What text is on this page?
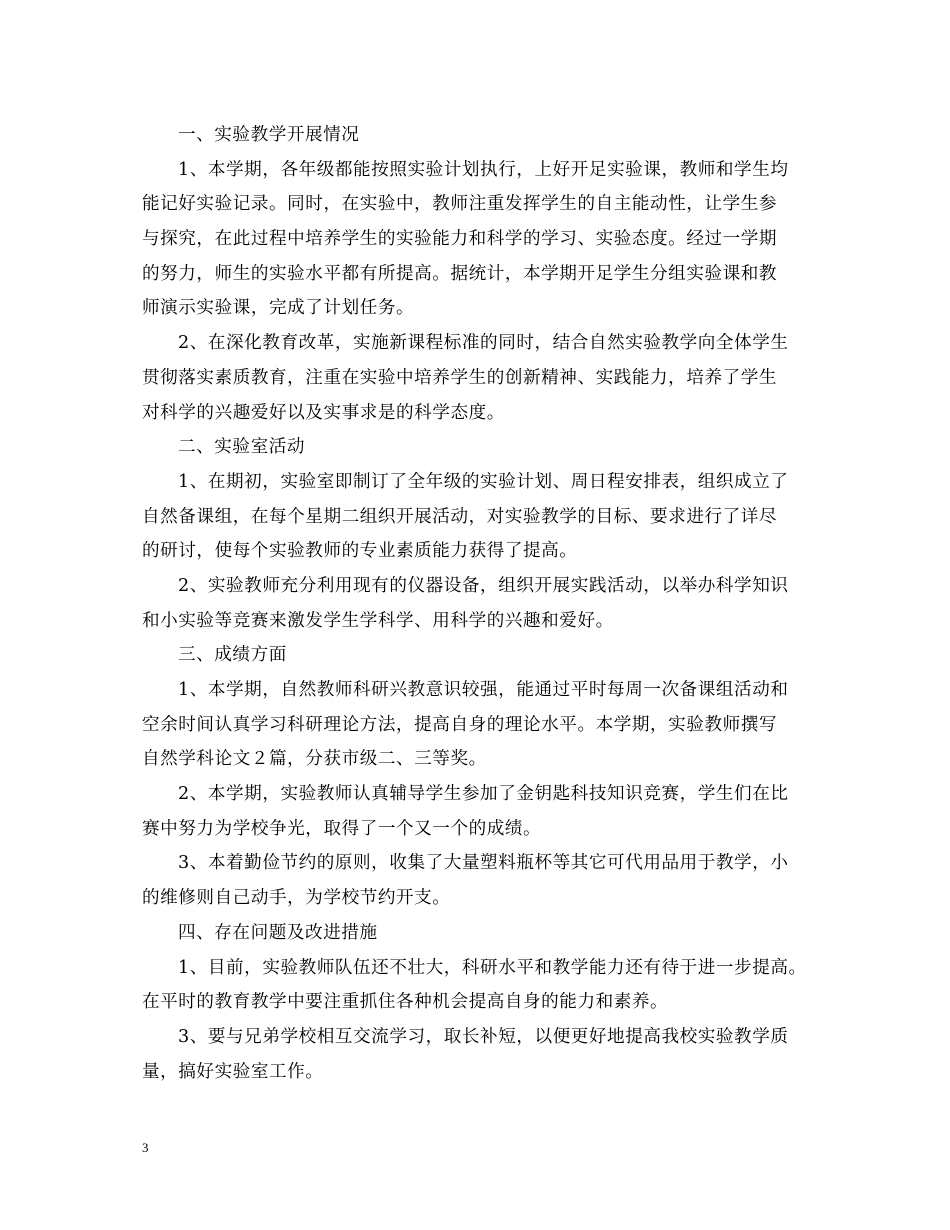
一、实验教学开展情况
1、本学期，各年级都能按照实验计划执行，上好开足实验课，教师和学生均
能记好实验记录。同时，在实验中，教师注重发挥学生的自主能动性，让学生参
与探究，在此过程中培养学生的实验能力和科学的学习、实验态度。经过一学期
的努力，师生的实验水平都有所提高。据统计，本学期开足学生分组实验课和教
师演示实验课，完成了计划任务。
2、在深化教育改革，实施新课程标准的同时，结合自然实验教学向全体学生
贯彻落实素质教育，注重在实验中培养学生的创新精神、实践能力，培养了学生
对科学的兴趣爱好以及实事求是的科学态度。
二、实验室活动
1、在期初，实验室即制订了全年级的实验计划、周日程安排表，组织成立了
自然备课组，在每个星期二组织开展活动，对实验教学的目标、要求进行了详尽
的研讨，使每个实验教师的专业素质能力获得了提高。
2、实验教师充分利用现有的仪器设备，组织开展实践活动，以举办科学知识
和小实验等竞赛来激发学生学科学、用科学的兴趣和爱好。
三、成绩方面
1、本学期，自然教师科研兴教意识较强，能通过平时每周一次备课组活动和
空余时间认真学习科研理论方法，提高自身的理论水平。本学期，实验教师撰写
自然学科论文２篇，分获市级二、三等奖。
2、本学期，实验教师认真辅导学生参加了金钥匙科技知识竞赛，学生们在比
赛中努力为学校争光，取得了一个又一个的成绩。
3、本着勤俭节约的原则，收集了大量塑料瓶杯等其它可代用品用于教学，小
的维修则自己动手，为学校节约开支。
四、存在问题及改进措施
1、目前，实验教师队伍还不壮大，科研水平和教学能力还有待于进一步提高。
在平时的教育教学中要注重抓住各种机会提高自身的能力和素养。
3、要与兄弟学校相互交流学习，取长补短，以便更好地提高我校实验教学质
量，搞好实验室工作。
3
